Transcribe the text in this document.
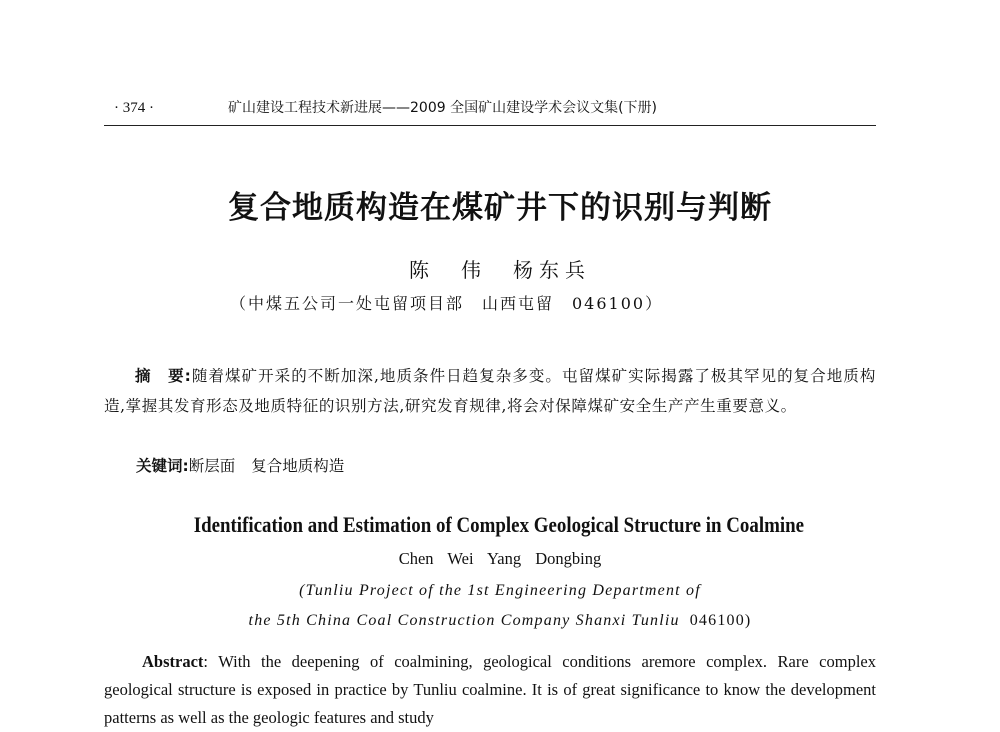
· 374 ·	矿山建设工程技术新进展——2009 全国矿山建设学术会议文集(下册)
复合地质构造在煤矿井下的识别与判断
陈　伟　杨东兵
（中煤五公司一处屯留项目部　山西屯留　046100）
摘　要:随着煤矿开采的不断加深,地质条件日趋复杂多变。屯留煤矿实际揭露了极其罕见的复合地质构造,掌握其发育形态及地质特征的识别方法,研究发育规律,将会对保障煤矿安全生产产生重要意义。
关键词:断层面 复合地质构造
Identification and Estimation of Complex Geological Structure in Coalmine
Chen Wei Yang Dongbing
(Tunliu Project of the 1st Engineering Department of
the 5th China Coal Construction Company Shanxi Tunliu 046100)
Abstract: With the deepening of coalmining, geological conditions aremore complex. Rare complex geological structure is exposed in practice by Tunliu coalmine. It is of great significance to know the development patterns as well as the geologic features and study
